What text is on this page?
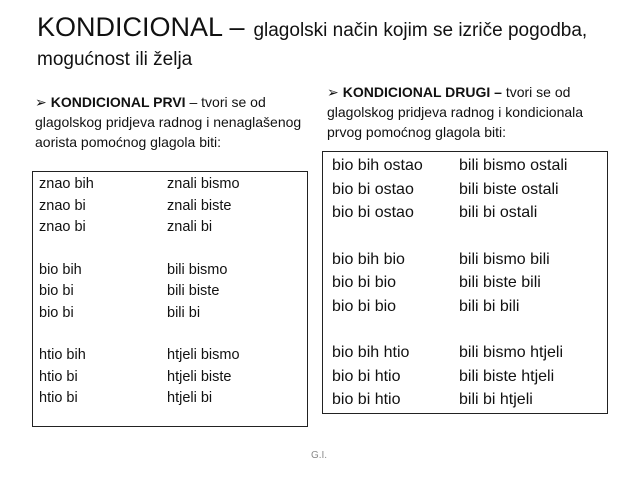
KONDICIONAL – glagolski način kojim se izriče pogodba,
mogućnost ili želja

➢ KONDICIONAL PRVI – tvori se od glagolskog pridjeva radnog i nenaglašenog aorista pomoćnog glagola biti:

➢ KONDICIONAL DRUGI – tvori se od glagolskog pridjeva radnog i kondicionala prvog pomoćnog glagola biti:

znao bih	znali bismo
znao bi	znali biste
znao bi	znali bi
bio bih	bili bismo
bio bi	bili biste
bio bi	bili bi
htio bih	htjeli bismo
htio bi	htjeli biste
htio bi	htjeli bi
bio bih ostao	bili bismo ostali
bio bi ostao	bili biste ostali
bio bi ostao	bili bi ostali
bio bih bio	bili bismo bili
bio bi bio	bili biste bili
bio bi bio	bili bi bili
bio bih htio	bili bismo htjeli
bio bi htio	bili biste htjeli
bio bi htio	bili bi htjeli
G.I.
